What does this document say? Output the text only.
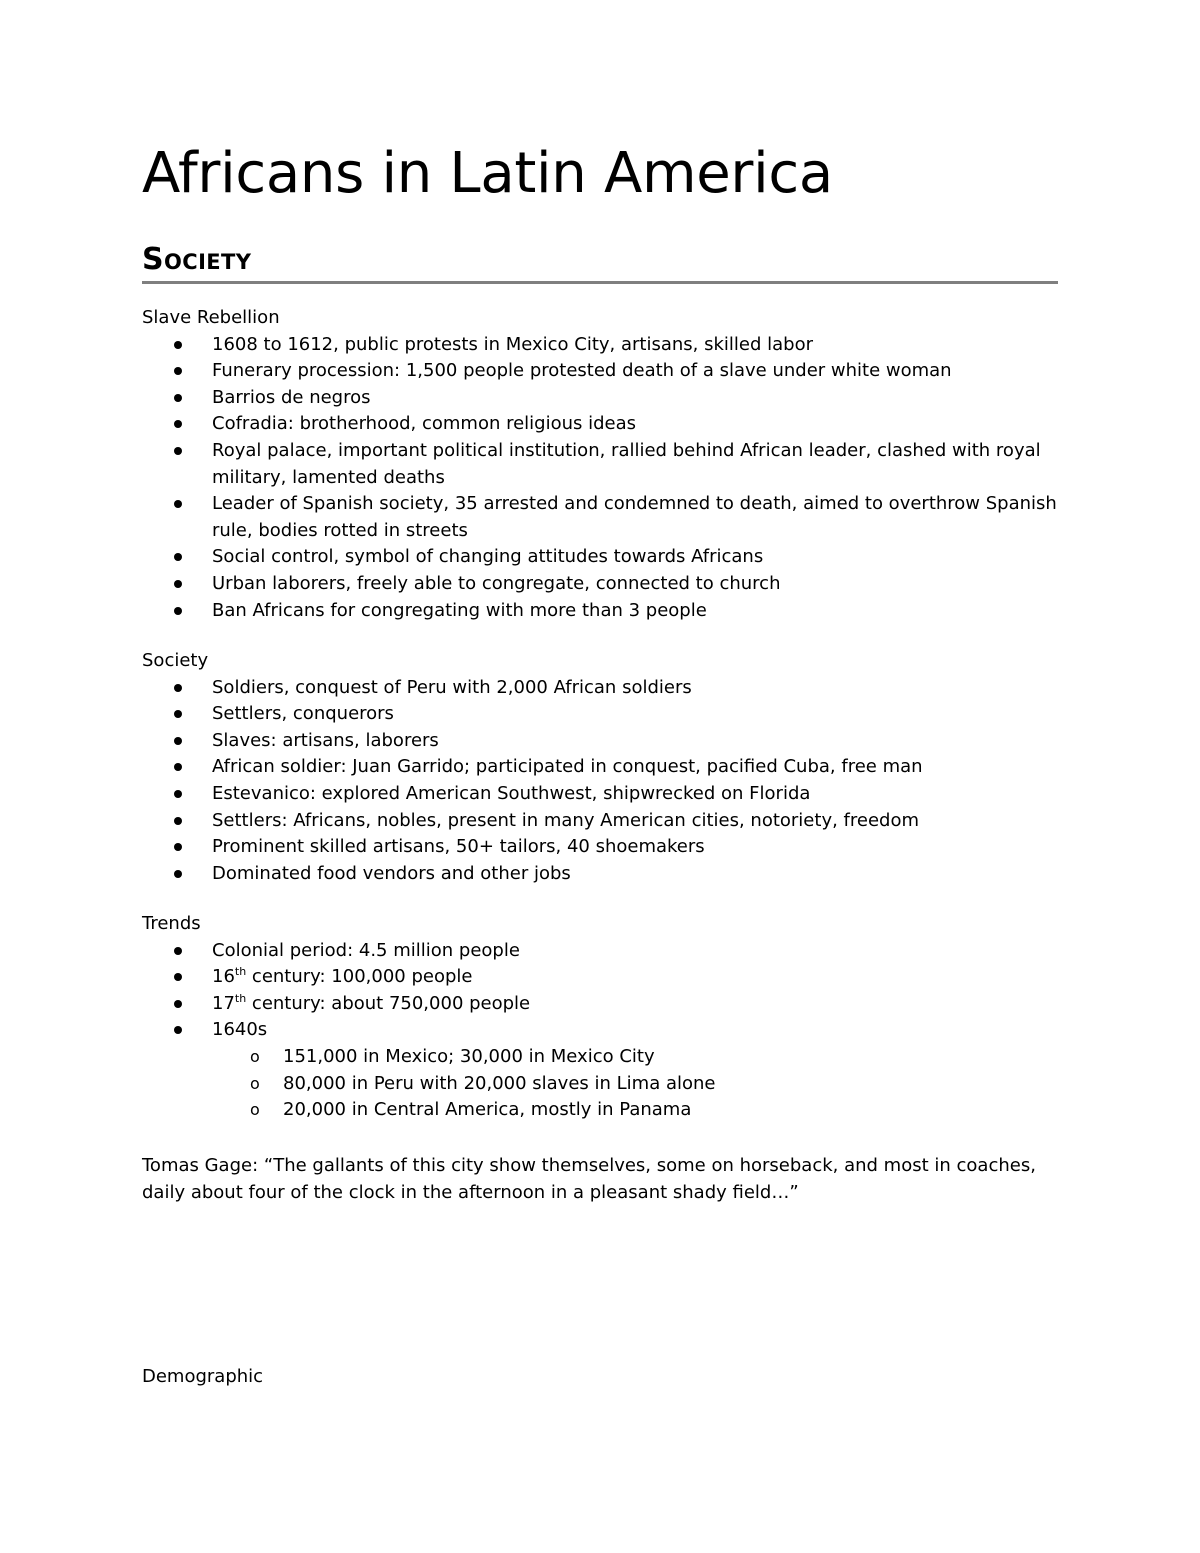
Africans in Latin America
Society

Slave Rebellion

1608 to 1612, public protests in Mexico City, artisans, skilled labor
Funerary procession: 1,500 people protested death of a slave under white woman
Barrios de negros
Cofradia: brotherhood, common religious ideas
Royal palace, important political institution, rallied behind African leader, clashed with royal military, lamented deaths
Leader of Spanish society, 35 arrested and condemned to death, aimed to overthrow Spanish rule, bodies rotted in streets
Social control, symbol of changing attitudes towards Africans
Urban laborers, freely able to congregate, connected to church
Ban Africans for congregating with more than 3 people

Society

Soldiers, conquest of Peru with 2,000 African soldiers
Settlers, conquerors
Slaves: artisans, laborers
African soldier: Juan Garrido; participated in conquest, pacified Cuba, free man
Estevanico: explored American Southwest, shipwrecked on Florida
Settlers: Africans, nobles, present in many American cities, notoriety, freedom
Prominent skilled artisans, 50+ tailors, 40 shoemakers
Dominated food vendors and other jobs

Trends

Colonial period: 4.5 million people
16th century: 100,000 people
17th century: about 750,000 people
1640s
o 151,000 in Mexico; 30,000 in Mexico City
o 80,000 in Peru with 20,000 slaves in Lima alone
o 20,000 in Central America, mostly in Panama

Tomas Gage: “The gallants of this city show themselves, some on horseback, and most in coaches, daily about four of the clock in the afternoon in a pleasant shady field…”

Demographic
